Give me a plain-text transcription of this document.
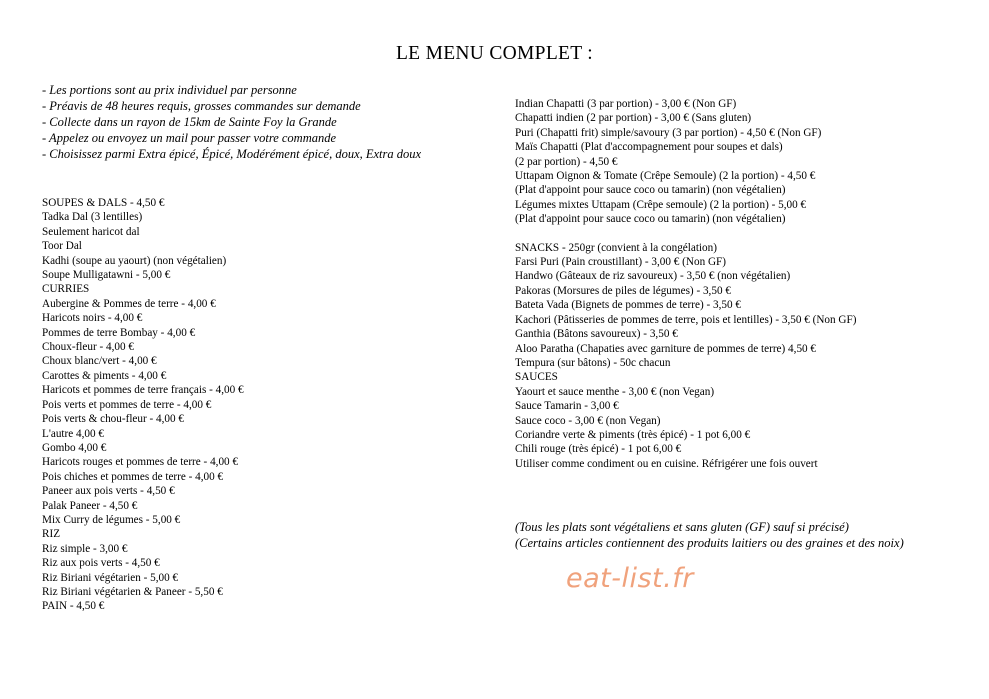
LE MENU COMPLET :
- Les portions sont au prix individuel par personne
- Préavis de 48 heures requis, grosses commandes sur demande
- Collecte dans un rayon de 15km de Sainte Foy la Grande
- Appelez ou envoyez un mail pour passer votre commande
- Choisissez parmi Extra épicé, Épicé, Modérément épicé, doux, Extra doux
SOUPES & DALS - 4,50 €
Tadka Dal (3 lentilles)
Seulement haricot dal
Toor Dal
Kadhi (soupe au yaourt) (non végétalien)
Soupe Mulligatawni - 5,00 €
CURRIES
Aubergine & Pommes de terre - 4,00 €
Haricots noirs - 4,00 €
Pommes de terre Bombay - 4,00 €
Choux-fleur - 4,00 €
Choux blanc/vert - 4,00 €
Carottes & piments - 4,00 €
Haricots et pommes de terre français - 4,00 €
Pois verts et pommes de terre - 4,00 €
Pois verts & chou-fleur - 4,00 €
L'autre 4,00 €
Gombo 4,00 €
Haricots rouges et pommes de terre - 4,00 €
Pois chiches et pommes de terre - 4,00 €
Paneer aux pois verts - 4,50 €
Palak Paneer - 4,50 €
Mix Curry de légumes - 5,00 €
RIZ
Riz simple - 3,00 €
Riz aux pois verts - 4,50 €
Riz Biriani végétarien - 5,00 €
Riz Biriani végétarien & Paneer - 5,50 €
PAIN - 4,50 €
Indian Chapatti (3 par portion) - 3,00 € (Non GF)
Chapatti indien (2 par portion) - 3,00 € (Sans gluten)
Puri (Chapatti frit) simple/savoury (3 par portion) - 4,50 € (Non GF)
Maïs Chapatti (Plat d'accompagnement pour soupes et dals)
(2 par portion) - 4,50 €
Uttapam Oignon & Tomate (Crêpe Semoule) (2 la portion) - 4,50 €
(Plat d'appoint pour sauce coco ou tamarin) (non végétalien)
Légumes mixtes Uttapam (Crêpe semoule) (2 la portion) - 5,00 €
(Plat d'appoint pour sauce coco ou tamarin) (non végétalien)
SNACKS - 250gr (convient à la congélation)
Farsi Puri (Pain croustillant) - 3,00 € (Non GF)
Handwo (Gâteaux de riz savoureux) - 3,50 € (non végétalien)
Pakoras (Morsures de piles de légumes) - 3,50 €
Bateta Vada (Bignets de pommes de terre) - 3,50 €
Kachori (Pâtisseries de pommes de terre, pois et lentilles) - 3,50 € (Non GF)
Ganthia (Bâtons savoureux) - 3,50 €
Aloo Paratha (Chapaties avec garniture de pommes de terre) 4,50 €
Tempura (sur bâtons) - 50c chacun
SAUCES
Yaourt et sauce menthe - 3,00 € (non Vegan)
Sauce Tamarin - 3,00 €
Sauce coco - 3,00 € (non Vegan)
Coriandre verte & piments (très épicé) - 1 pot 6,00 €
Chili rouge (très épicé) - 1 pot 6,00 €
Utiliser comme condiment ou en cuisine. Réfrigérer une fois ouvert
(Tous les plats sont végétaliens et sans gluten (GF) sauf si précisé)
(Certains articles contiennent des produits laitiers ou des graines et des noix)
eat-list.fr
